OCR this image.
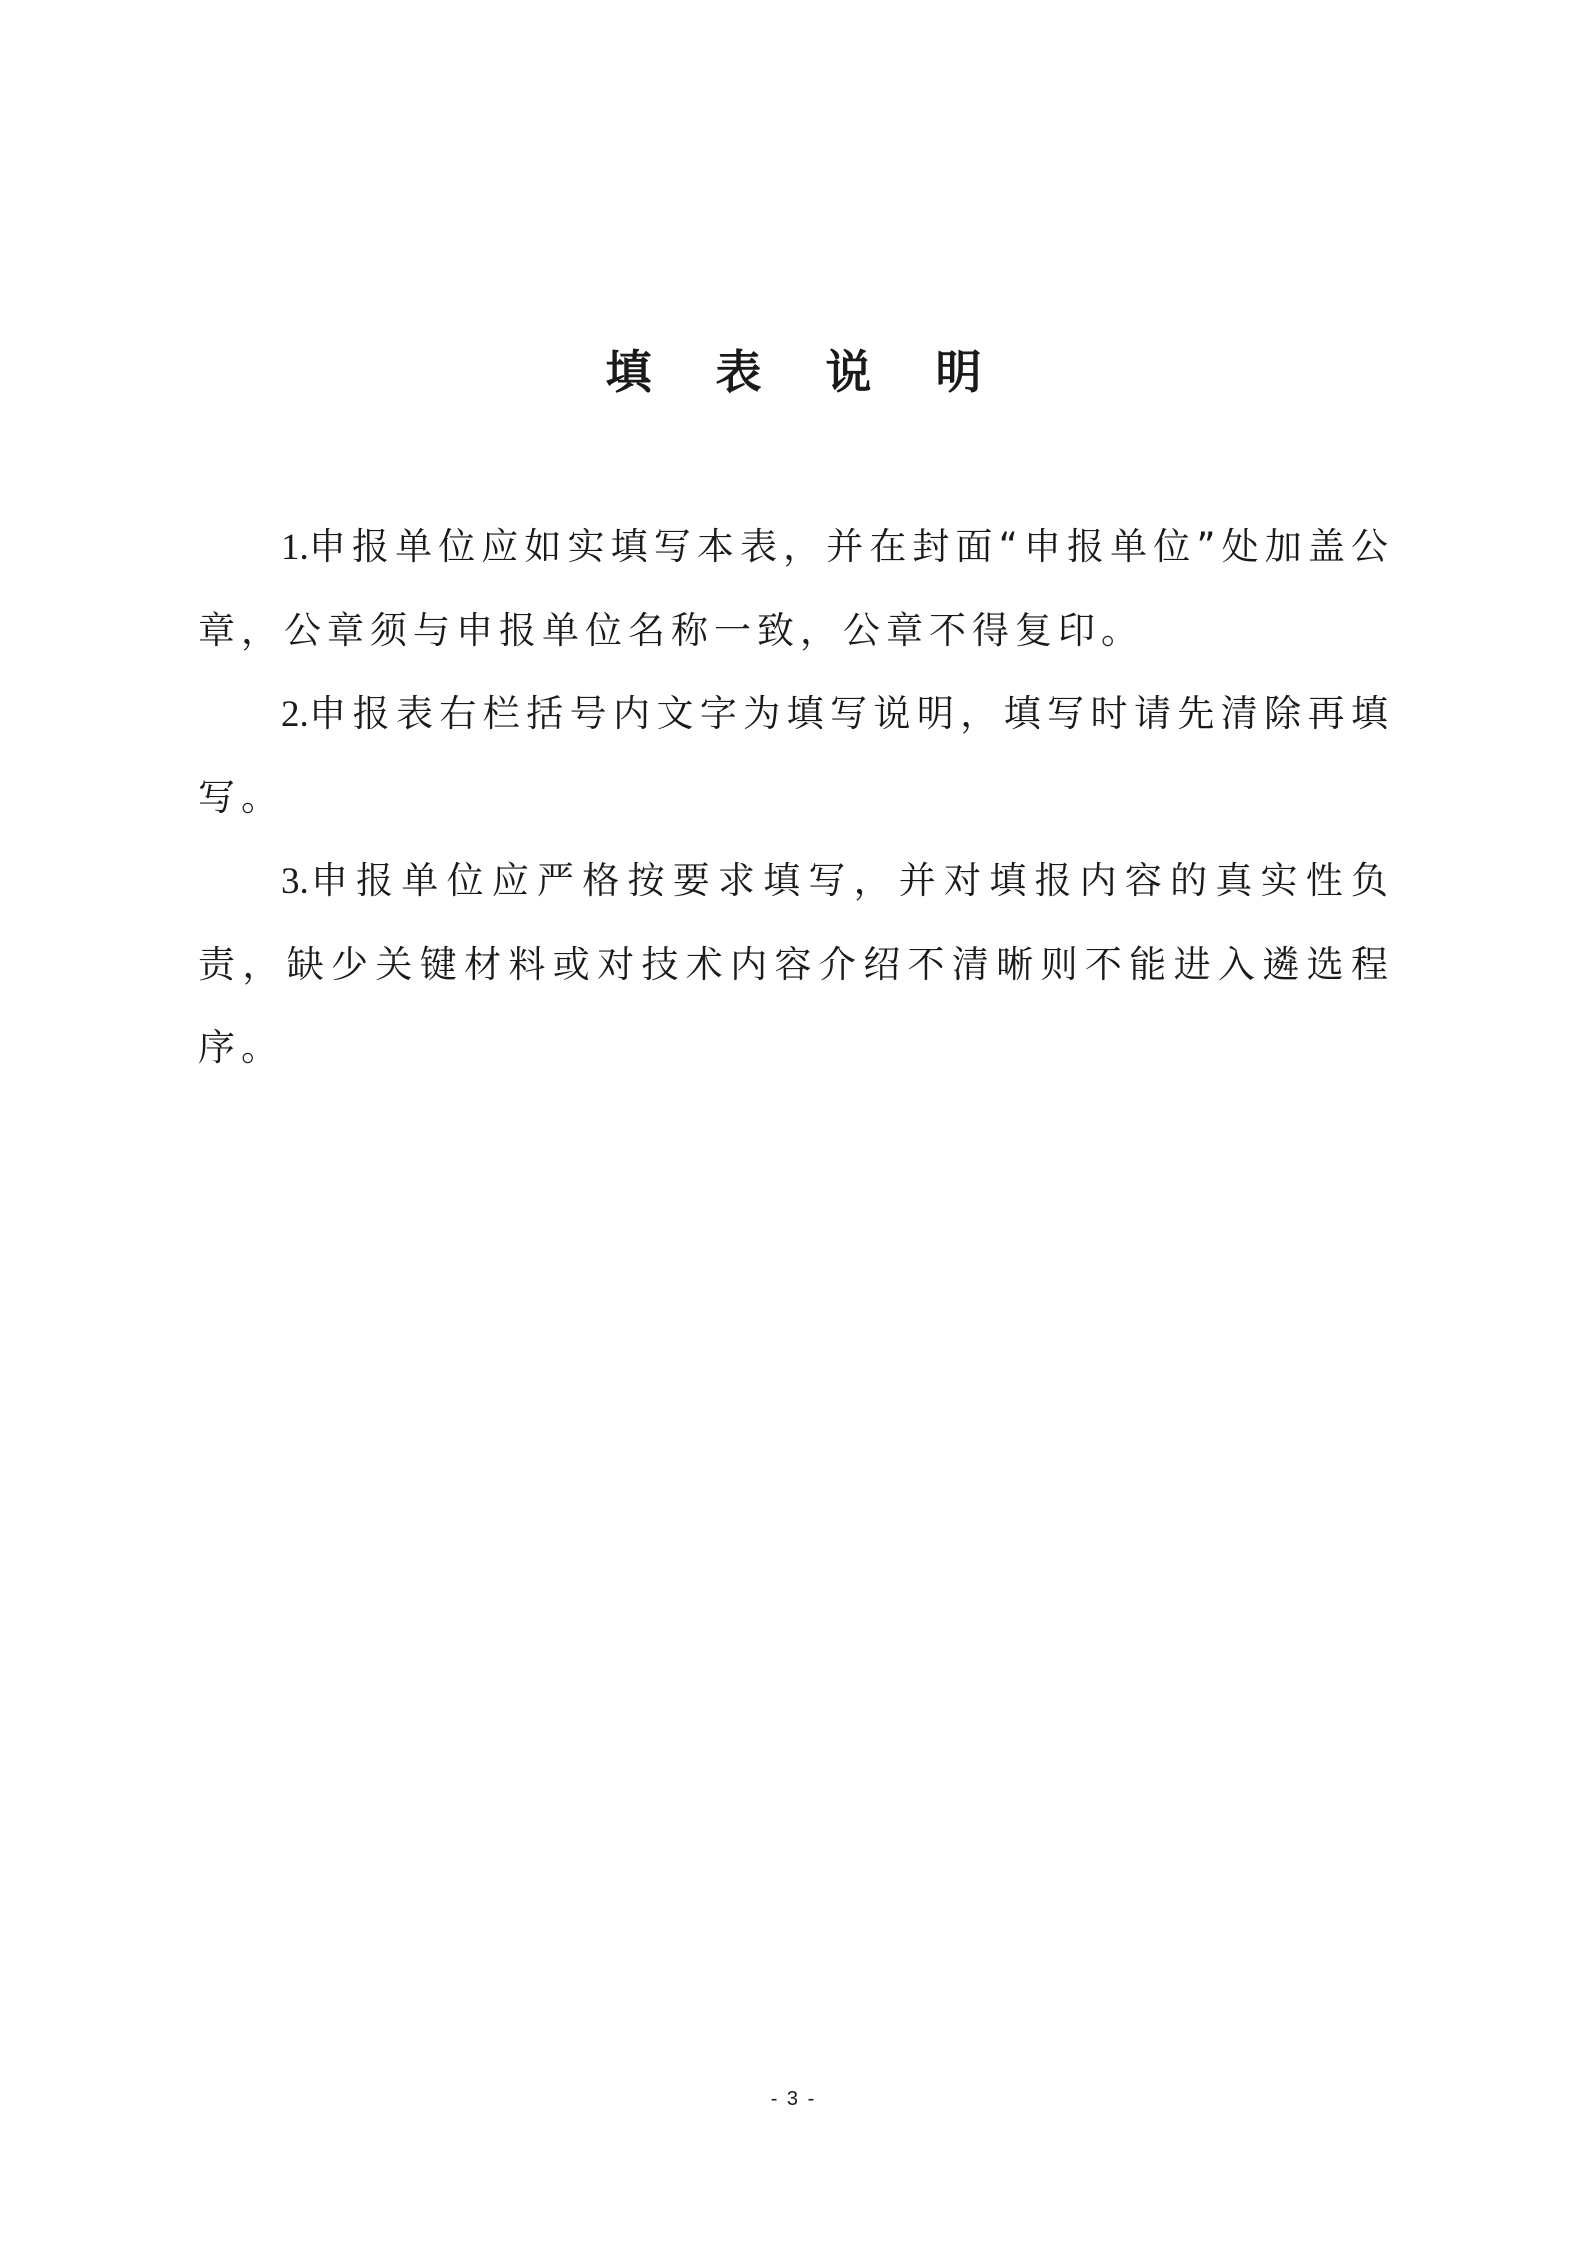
填 表 说 明

1.申报单位应如实填写本表，并在封面“申报单位”处加盖公章，公章须与申报单位名称一致，公章不得复印。

2.申报表右栏括号内文字为填写说明，填写时请先清除再填写。

3.申报单位应严格按要求填写，并对填报内容的真实性负责，缺少关键材料或对技术内容介绍不清晰则不能进入遴选程序。

- 3 -
